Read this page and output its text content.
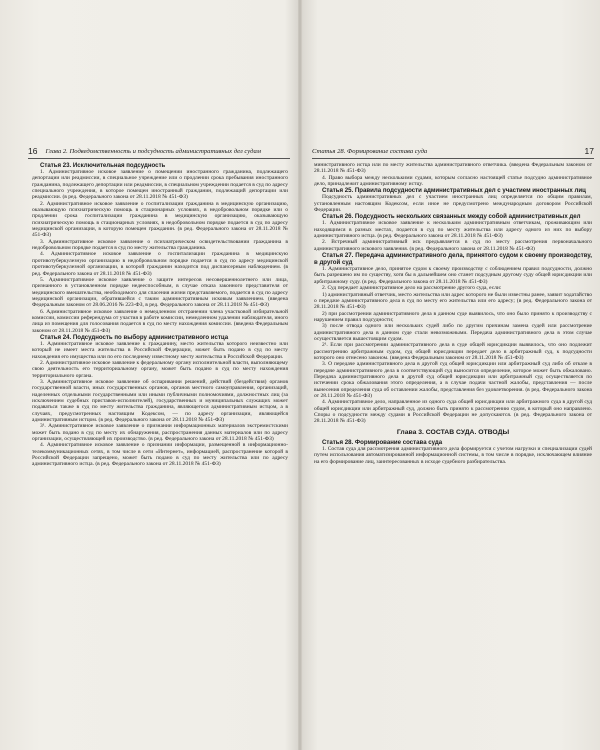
16 Глава 2. Подведомственность и подсудность административных дел судам

Статья 23. Исключительная подсудность

1. Административное исковое заявление о помещении иностранного гражданина, подлежащего депортации или реадмиссии, в специальное учреждение или о продлении срока пребывания иностранного гражданина, подлежащего депортации или реадмиссии, в специальном учреждении подается в суд по адресу специального учреждения, в которое помещен иностранный гражданин, подлежащий депортации или реадмиссии. (в ред. Федерального закона от 28.11.2018 № 451-ФЗ)

2. Административное исковое заявление о госпитализации гражданина в медицинскую организацию, оказывающую психиатрическую помощь в стационарных условиях, в недобровольном порядке или о продлении срока госпитализации гражданина в медицинскую организацию, оказывающую психиатрическую помощь в стационарных условиях, в недобровольном порядке подается в суд по адресу медицинской организации, в которую помещен гражданин. (в ред. Федерального закона от 28.11.2018 № 451-ФЗ)

3. Административное исковое заявление о психиатрическом освидетельствовании гражданина в недобровольном порядке подается в суд по месту жительства гражданина.

4. Административное исковое заявление о госпитализации гражданина в медицинскую противотуберкулезную организацию в недобровольном порядке подается в суд по адресу медицинской противотуберкулезной организации, в которой гражданин находится под диспансерным наблюдением. (в ред. Федерального закона от 28.11.2018 № 451-ФЗ)

5. Административное исковое заявление о защите интересов несовершеннолетнего или лица, признанного в установленном порядке недееспособным, в случае отказа законного представителя от медицинского вмешательства, необходимого для спасения жизни представляемого, подается в суд по адресу медицинской организации, обратившейся с таким административным исковым заявлением. (введена Федеральным законом от 28.06.2016 № 223-ФЗ, в ред. Федерального закона от 28.11.2018 № 451-ФЗ)

6. Административное исковое заявление о немедленном отстранении члена участковой избирательной комиссии, комиссии референдума от участия в работе комиссии, немедленном удалении наблюдателя, иного лица из помещения для голосования подается в суд по месту нахождения комиссии. (введена Федеральным законом от 28.11.2018 № 451-ФЗ)

Статья 24. Подсудность по выбору административного истца

1. Административное исковое заявление к гражданину, место жительства которого неизвестно или который не имеет места жительства в Российской Федерации, может быть подано в суд по месту нахождения его имущества или по его последнему известному месту жительства в Российской Федерации.

2. Административное исковое заявление к федеральному органу исполнительной власти, выполняющему свою деятельность его территориальному органу, может быть подано в суд по месту нахождения территориального органа.

3. Административное исковое заявление об оспаривании решений, действий (бездействия) органов государственной власти, иных государственных органов, органов местного самоуправления, организаций, наделенных отдельными государственными или иными публичными полномочиями, должностных лиц (за исключением судебных приставов-исполнителей), государственных и муниципальных служащих может подаваться также в суд по месту жительства гражданина, являющегося административным истцом, а в случаях, предусмотренных настоящим Кодексом, — по адресу организации, являющейся административным истцом. (в ред. Федерального закона от 28.11.2018 № 451-ФЗ)

3¹. Административное исковое заявление о признании информационных материалов экстремистскими может быть подано в суд по месту их обнаружения, распространения данных материалов или по адресу организации, осуществляющей их производство. (в ред. Федерального закона от 28.11.2018 № 451-ФЗ)

4. Административное исковое заявление о признании информации, размещенной в информационно-телекоммуникационных сетях, в том числе в сети «Интернет», информацией, распространение которой в Российской Федерации запрещено, может быть подано в суд по месту жительства или по адресу административного истца. (в ред. Федерального закона от 28.11.2018 № 451-ФЗ)

Статья 28. Формирование состава суда	17

министративного истца или по месту жительства административного ответчика. (введена Федеральным законом от 28.11.2018 № 451-ФЗ)

4. Право выбора между несколькими судами, которым согласно настоящей статье подсудно административное дело, принадлежит административному истцу.

Статья 25. Правила подсудности административных дел с участием иностранных лиц

Подсудность административных дел с участием иностранных лиц определяется по общим правилам, установленным настоящим Кодексом, если иное не предусмотрено международным договором Российской Федерации.

Статья 26. Подсудность нескольких связанных между собой административных дел

1. Административное исковое заявление к нескольким административным ответчикам, проживающим или находящимся в разных местах, подается в суд по месту жительства или адресу одного из них по выбору административного истца. (в ред. Федерального закона от 28.11.2018 № 451-ФЗ)

2. Встречный административный иск предъявляется в суд по месту рассмотрения первоначального административного искового заявления. (в ред. Федерального закона от 28.11.2018 № 451-ФЗ)

Статья 27. Передача административного дела, принятого судом к своему производству, в другой суд

1. Административное дело, принятое судом к своему производству с соблюдением правил подсудности, должно быть разрешено им по существу, хотя бы в дальнейшем оно станет подсудным другому суду общей юрисдикции или арбитражному суду. (в ред. Федерального закона от 28.11.2018 № 451-ФЗ)

2. Суд передает административное дело на рассмотрение другого суда, если:

1) административный ответчик, место жительства или адрес которого не были известны ранее, заявит ходатайство о передаче административного дела в суд по месту его жительства или его адресу; (в ред. Федерального закона от 28.11.2018 № 451-ФЗ)

2) при рассмотрении административного дела в данном суде выявилось, что оно было принято к производству с нарушением правил подсудности;

3) после отвода одного или нескольких судей либо по другим причинам замена судей или рассмотрение административного дела в данном суде стали невозможными. Передача административного дела в этом случае осуществляется вышестоящим судом.

2¹. Если при рассмотрении административного дела в суде общей юрисдикции выявилось, что оно подлежит рассмотрению арбитражным судом, суд общей юрисдикции передает дело в арбитражный суд, к подсудности которого оно отнесено законом. (введена Федеральным законом от 28.11.2018 № 451-ФЗ)

3. О передаче административного дела в другой суд общей юрисдикции или арбитражный суд либо об отказе в передаче административного дела в соответствующий суд выносится определение, которое может быть обжаловано. Передача административного дела в другой суд общей юрисдикции или арбитражный суд осуществляется по истечении срока обжалования этого определения, а в случае подачи частной жалобы, представления — после вынесения определения суда об оставлении жалобы, представления без удовлетворения. (в ред. Федерального закона от 28.11.2018 № 451-ФЗ)

4. Административное дело, направленное из одного суда общей юрисдикции или арбитражного суда в другой суд общей юрисдикции или арбитражный суд, должно быть принято к рассмотрению судом, в который оно направлено. Споры о подсудности между судами в Российской Федерации не допускаются. (в ред. Федерального закона от 28.11.2018 № 451-ФЗ)

Глава 3. СОСТАВ СУДА. ОТВОДЫ

Статья 28. Формирование состава суда

1. Состав суда для рассмотрения административного дела формируется с учетом нагрузки и специализации судей путем использования автоматизированной информационной системы, в том числе в порядке, исключающем влияние на его формирование лиц, заинтересованных в исходе судебного разбирательства.
